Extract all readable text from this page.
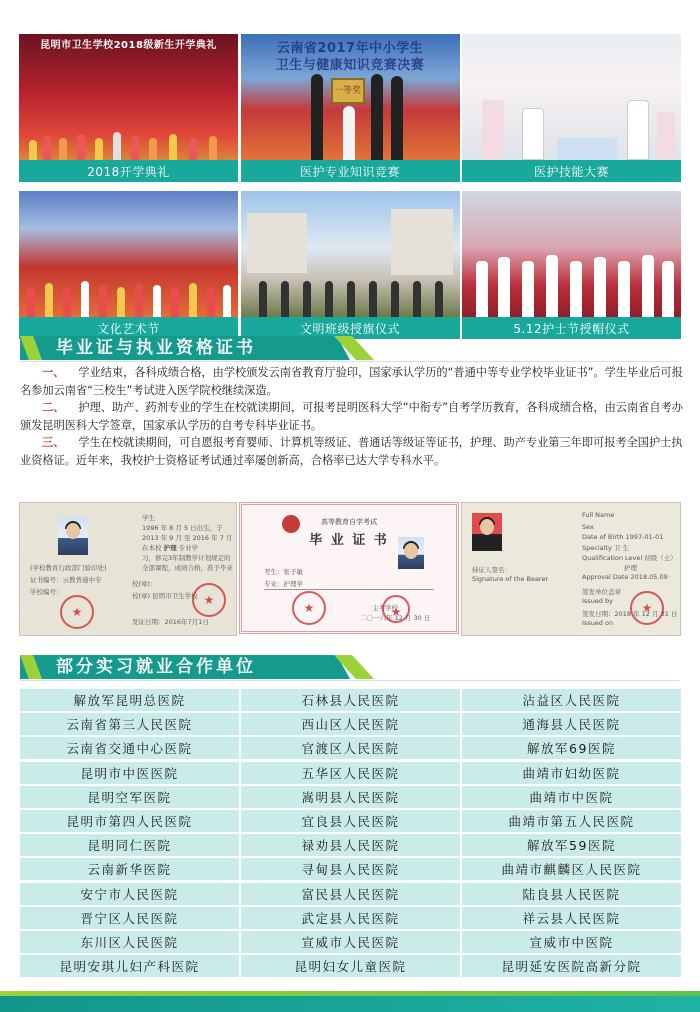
昆明市卫生学校2018级新生开学典礼
2018开学典礼
云南省2017年中小学生
卫生与健康知识竞赛决赛
一等奖
医护专业知识竞赛	医护技能大赛
文化艺术节	文明班级授旗仪式	5.12护士节授帽仪式
毕业证与执业资格证书

一、 学业结束，各科成绩合格，由学校颁发云南省教育厅验印，国家承认学历的“普通中等专业学校毕业证书”。学生毕业后可报名参加云南省“三校生”考试进入医学院校继续深造。

二、 护理、助产、药剂专业的学生在校就读期间，可报考昆明医科大学“中衔专”自考学历教育，各科成绩合格，由云南省自考办颁发昆明医科大学签章，国家承认学历的自考专科毕业证书。

三、 学生在校就读期间，可自愿报考育婴师、计算机等级证、普通话等级证等证书，护理、助产专业第三年即可报考全国护士执业资格证。近年来，我校护士资格证考试通过率屡创新高，合格率已达大学专科水平。

(学校教育行政部门验印处)
证书编号：云教普通中专
学校编号：
学生
1996 年 8 月 5 日出生，于
2013 年 9 月 至 2016 年 7 月
在本校 护理 专业学
习，修完3年制教学计划规定的
全部课程，成绩合格，准予毕业
校(章)：
校(章) 昆明市卫生学校
发证日期：2016年7月1日
★
★
高等教育自学考试
毕 业 证 书
考生：张子敏
专业：护理学
主考学校
二〇一六年 12 月 30 日
★
★
持证人签名：
Signature of the Bearer
Full Name
Sex
Date of Birth 1997-01-01
Specialty 卫 生
Qualification Level 初级（士）
护理
Approval Date 2018.05.09
签发单位盖章
Issued by
签发日期：2018 年 12 月 31 日
Issued on
★
部分实习就业合作单位
解放军昆明总医院	石林县人民医院	沾益区人民医院
云南省第三人民医院	西山区人民医院	通海县人民医院
云南省交通中心医院	官渡区人民医院	解放军69医院
昆明市中医医院	五华区人民医院	曲靖市妇幼医院
昆明空军医院	嵩明县人民医院	曲靖市中医院
昆明市第四人民医院	宜良县人民医院	曲靖市第五人民医院
昆明同仁医院	禄劝县人民医院	解放军59医院
云南新华医院	寻甸县人民医院	曲靖市麒麟区人民医院
安宁市人民医院	富民县人民医院	陆良县人民医院
晋宁区人民医院	武定县人民医院	祥云县人民医院
东川区人民医院	宣威市人民医院	宣威市中医院
昆明安琪儿妇产科医院	昆明妇女儿童医院	昆明延安医院高新分院
